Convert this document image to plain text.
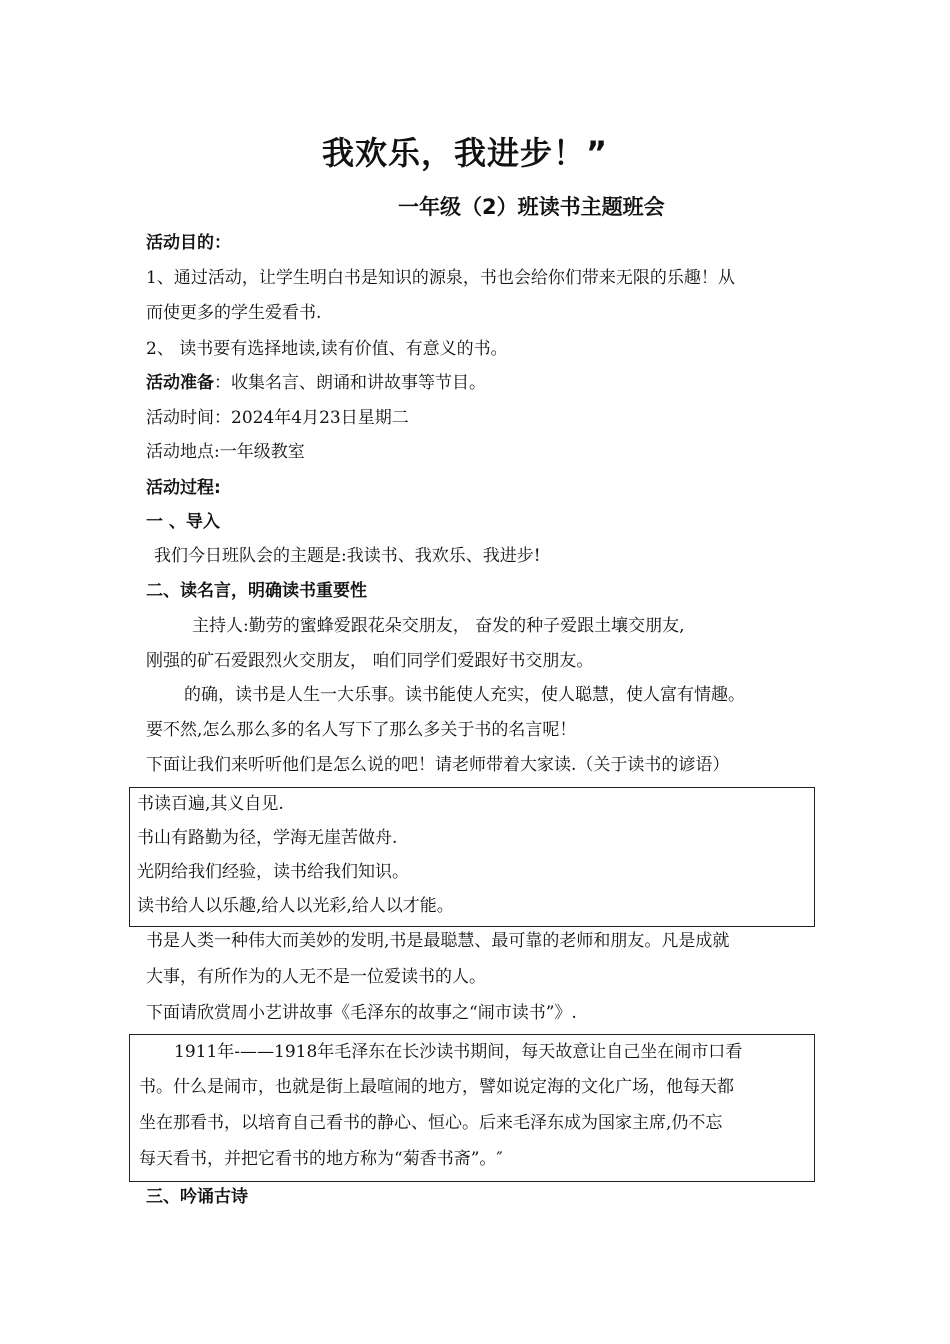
我欢乐，我进步！”
一年级（2）班读书主题班会
活动目的：
1、通过活动，让学生明白书是知识的源泉，书也会给你们带来无限的乐趣！从
而使更多的学生爱看书.
2、 读书要有选择地读,读有价值、有意义的书。
活动准备：收集名言、朗诵和讲故事等节目。
活动时间：2024年4月23日星期二
活动地点:一年级教室
活动过程:
一 、导入
我们今日班队会的主题是:我读书、我欢乐、我进步!
二、读名言，明确读书重要性
主持人:勤劳的蜜蜂爱跟花朵交朋友， 奋发的种子爱跟土壤交朋友,
刚强的矿石爱跟烈火交朋友， 咱们同学们爱跟好书交朋友。
的确，读书是人生一大乐事。读书能使人充实，使人聪慧，使人富有情趣。
要不然,怎么那么多的名人写下了那么多关于书的名言呢！
下面让我们来听听他们是怎么说的吧！请老师带着大家读.（关于读书的谚语）
书读百遍,其义自见.
书山有路勤为径，学海无崖苦做舟.
光阴给我们经验，读书给我们知识。
读书给人以乐趣,给人以光彩,给人以才能。
书是人类一种伟大而美妙的发明,书是最聪慧、最可靠的老师和朋友。凡是成就
大事，有所作为的人无不是一位爱读书的人。
下面请欣赏周小艺讲故事《毛泽东的故事之“闹市读书”》.
1911年-——1918年毛泽东在长沙读书期间，每天故意让自己坐在闹市口看
书。什么是闹市，也就是街上最喧闹的地方，譬如说定海的文化广场，他每天都
坐在那看书，以培育自己看书的静心、恒心。后来毛泽东成为国家主席,仍不忘
每天看书，并把它看书的地方称为“菊香书斋”。″
三、吟诵古诗
